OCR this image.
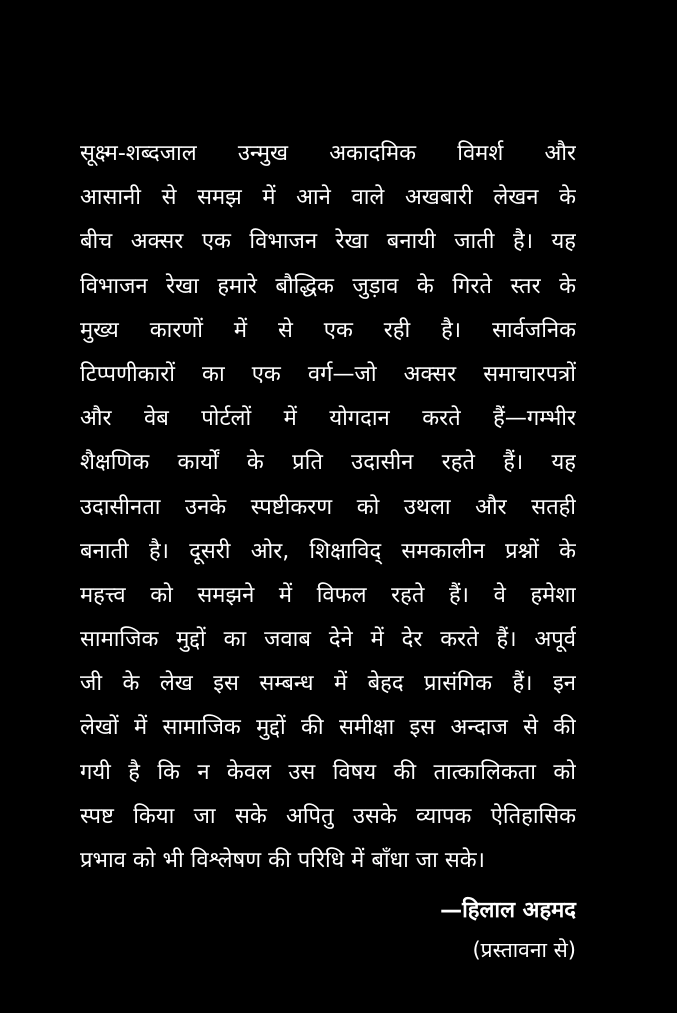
सूक्ष्म-शब्दजाल उन्मुख अकादमिक विमर्श और
आसानी से समझ में आने वाले अखबारी लेखन के
बीच अक्सर एक विभाजन रेखा बनायी जाती है। यह
विभाजन रेखा हमारे बौद्धिक जुड़ाव के गिरते स्तर के
मुख्य कारणों में से एक रही है। सार्वजनिक
टिप्पणीकारों का एक वर्ग—जो अक्सर समाचारपत्रों
और वेब पोर्टलों में योगदान करते हैं—गम्भीर
शैक्षणिक कार्यों के प्रति उदासीन रहते हैं। यह
उदासीनता उनके स्पष्टीकरण को उथला और सतही
बनाती है। दूसरी ओर, शिक्षाविद् समकालीन प्रश्नों के
महत्त्व को समझने में विफल रहते हैं। वे हमेशा
सामाजिक मुद्दों का जवाब देने में देर करते हैं। अपूर्व
जी के लेख इस सम्बन्ध में बेहद प्रासंगिक हैं। इन
लेखों में सामाजिक मुद्दों की समीक्षा इस अन्दाज से की
गयी है कि न केवल उस विषय की तात्कालिकता को
स्पष्ट किया जा सके अपितु उसके व्यापक ऐतिहासिक
प्रभाव को भी विश्लेषण की परिधि में बाँधा जा सके।
—हिलाल अहमद
(प्रस्तावना से)
